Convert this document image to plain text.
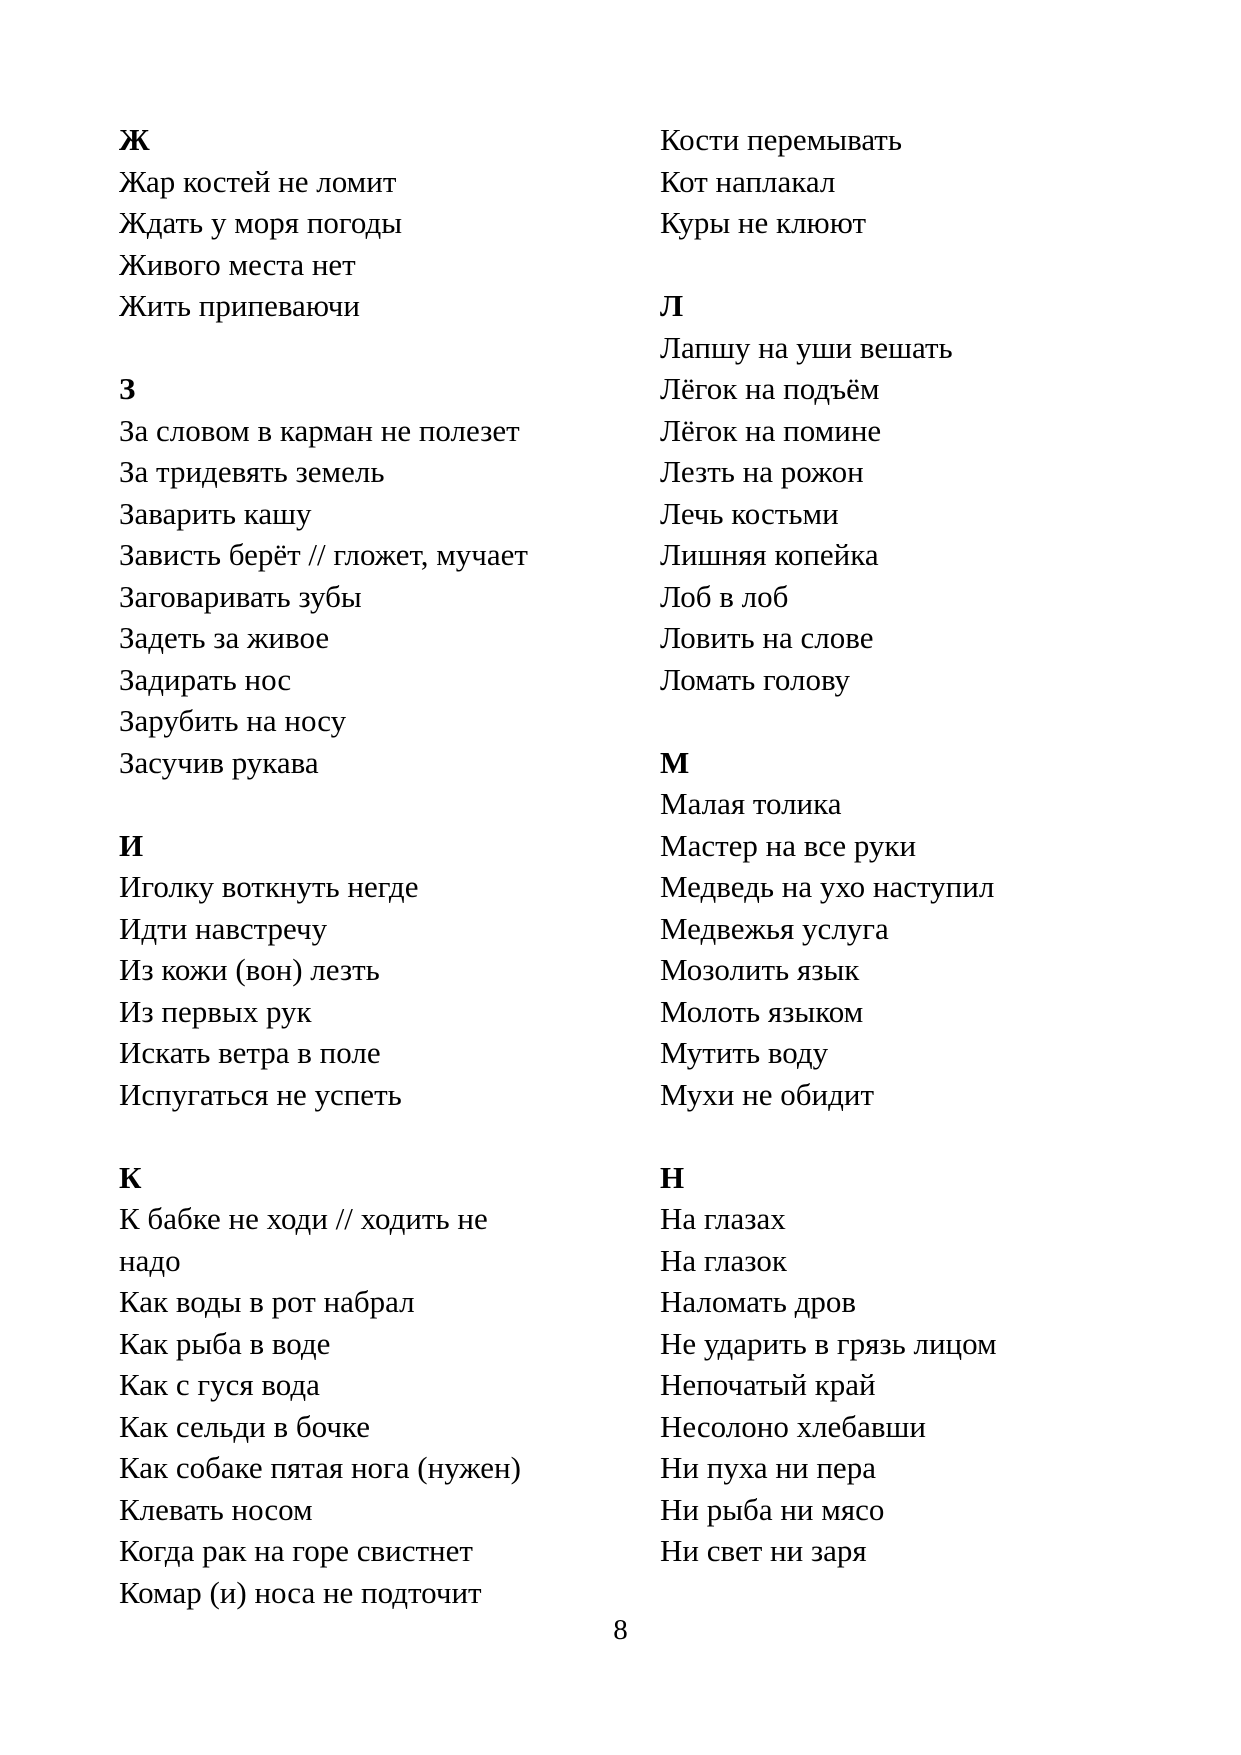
Ж
Жар костей не ломит
Ждать у моря погоды
Живого места нет
Жить припеваючи
З
За словом в карман не полезет
За тридевять земель
Заварить кашу
Зависть берёт // гложет, мучает
Заговаривать зубы
Задеть за живое
Задирать нос
Зарубить на носу
Засучив рукава
И
Иголку воткнуть негде
Идти навстречу
Из кожи (вон) лезть
Из первых рук
Искать ветра в поле
Испугаться не успеть
К
К бабке не ходи // ходить не
надо
Как воды в рот набрал
Как рыба в воде
Как с гуся вода
Как сельди в бочке
Как собаке пятая нога (нужен)
Клевать носом
Когда рак на горе свистнет
Комар (и) носа не подточит
Кости перемывать
Кот наплакал
Куры не клюют
Л
Лапшу на уши вешать
Лёгок на подъём
Лёгок на помине
Лезть на рожон
Лечь костьми
Лишняя копейка
Лоб в лоб
Ловить на слове
Ломать голову
М
Малая толика
Мастер на все руки
Медведь на ухо наступил
Медвежья услуга
Мозолить язык
Молоть языком
Мутить воду
Мухи не обидит
Н
На глазах
На глазок
Наломать дров
Не ударить в грязь лицом
Непочатый край
Несолоно хлебавши
Ни пуха ни пера
Ни рыба ни мясо
Ни свет ни заря
8
